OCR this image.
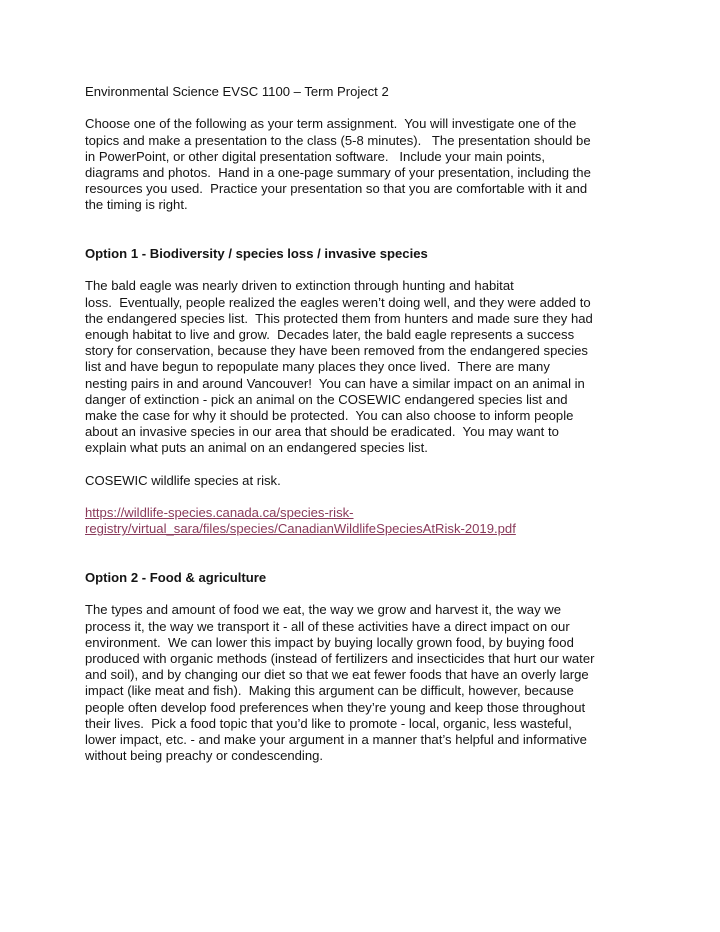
Environmental Science EVSC 1100 – Term Project 2

Choose one of the following as your term assignment.  You will investigate one of the
topics and make a presentation to the class (5-8 minutes).   The presentation should be
in PowerPoint, or other digital presentation software.   Include your main points,
diagrams and photos.  Hand in a one-page summary of your presentation, including the
resources you used.  Practice your presentation so that you are comfortable with it and
the timing is right.

Option 1 - Biodiversity / species loss / invasive species

The bald eagle was nearly driven to extinction through hunting and habitat
loss.  Eventually, people realized the eagles weren’t doing well, and they were added to
the endangered species list.  This protected them from hunters and made sure they had
enough habitat to live and grow.  Decades later, the bald eagle represents a success
story for conservation, because they have been removed from the endangered species
list and have begun to repopulate many places they once lived.  There are many
nesting pairs in and around Vancouver!  You can have a similar impact on an animal in
danger of extinction - pick an animal on the COSEWIC endangered species list and
make the case for why it should be protected.  You can also choose to inform people
about an invasive species in our area that should be eradicated.  You may want to
explain what puts an animal on an endangered species list.

COSEWIC wildlife species at risk.

https://wildlife-species.canada.ca/species-risk-
registry/virtual_sara/files/species/CanadianWildlifeSpeciesAtRisk-2019.pdf

Option 2 - Food & agriculture

The types and amount of food we eat, the way we grow and harvest it, the way we
process it, the way we transport it - all of these activities have a direct impact on our
environment.  We can lower this impact by buying locally grown food, by buying food
produced with organic methods (instead of fertilizers and insecticides that hurt our water
and soil), and by changing our diet so that we eat fewer foods that have an overly large
impact (like meat and fish).  Making this argument can be difficult, however, because
people often develop food preferences when they’re young and keep those throughout
their lives.  Pick a food topic that you’d like to promote - local, organic, less wasteful,
lower impact, etc. - and make your argument in a manner that’s helpful and informative
without being preachy or condescending.
